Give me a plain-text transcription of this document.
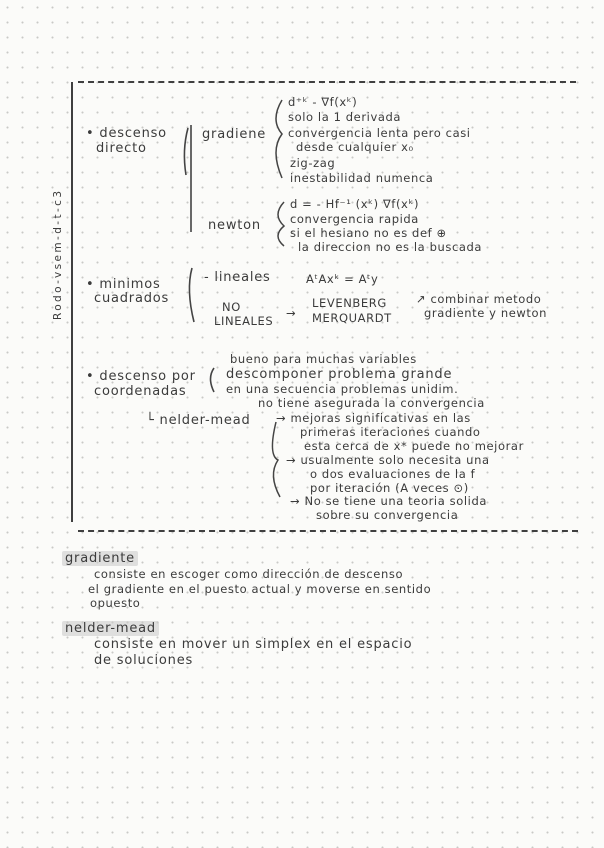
Rodo-vsem-d-t-c3
• descenso
directo
gradiene
d⁺ᵏ - ∇f(xᵏ)
solo la 1 derivada
convergencia lenta pero casi
desde cualquier x₀
zig-zag
inestabilidad numenca
newton
d = - Hf⁻¹ (xᵏ) ∇f(xᵏ)
convergencia rapida
si el hesiano no es def ⊕
la direccion no es la buscada
• minimos
cuadrados
- lineales	AᵗAxᵏ = Aᵗy
NO
LINEALES
→
LEVENBERG
MERQUARDT
↗ combinar metodo
gradiente y newton
• descenso por
coordenadas
bueno para muchas variables
descomponer problema grande
en una secuencia problemas unidim.
no tiene asegurada la convergencia
└ nelder-mead → mejoras significativas en las
primeras iteraciones cuando
esta cerca de x* puede no mejorar
→ usualmente solo necesita una
o dos evaluaciones de la f
por iteración (A veces ⊙)
→ No se tiene una teoria solida
sobre su convergencia
gradiente
consiste en escoger como dirección de descenso
el gradiente en el puesto actual y moverse en sentido
opuesto
nelder-mead
consiste en mover un simplex en el espacio
de soluciones
